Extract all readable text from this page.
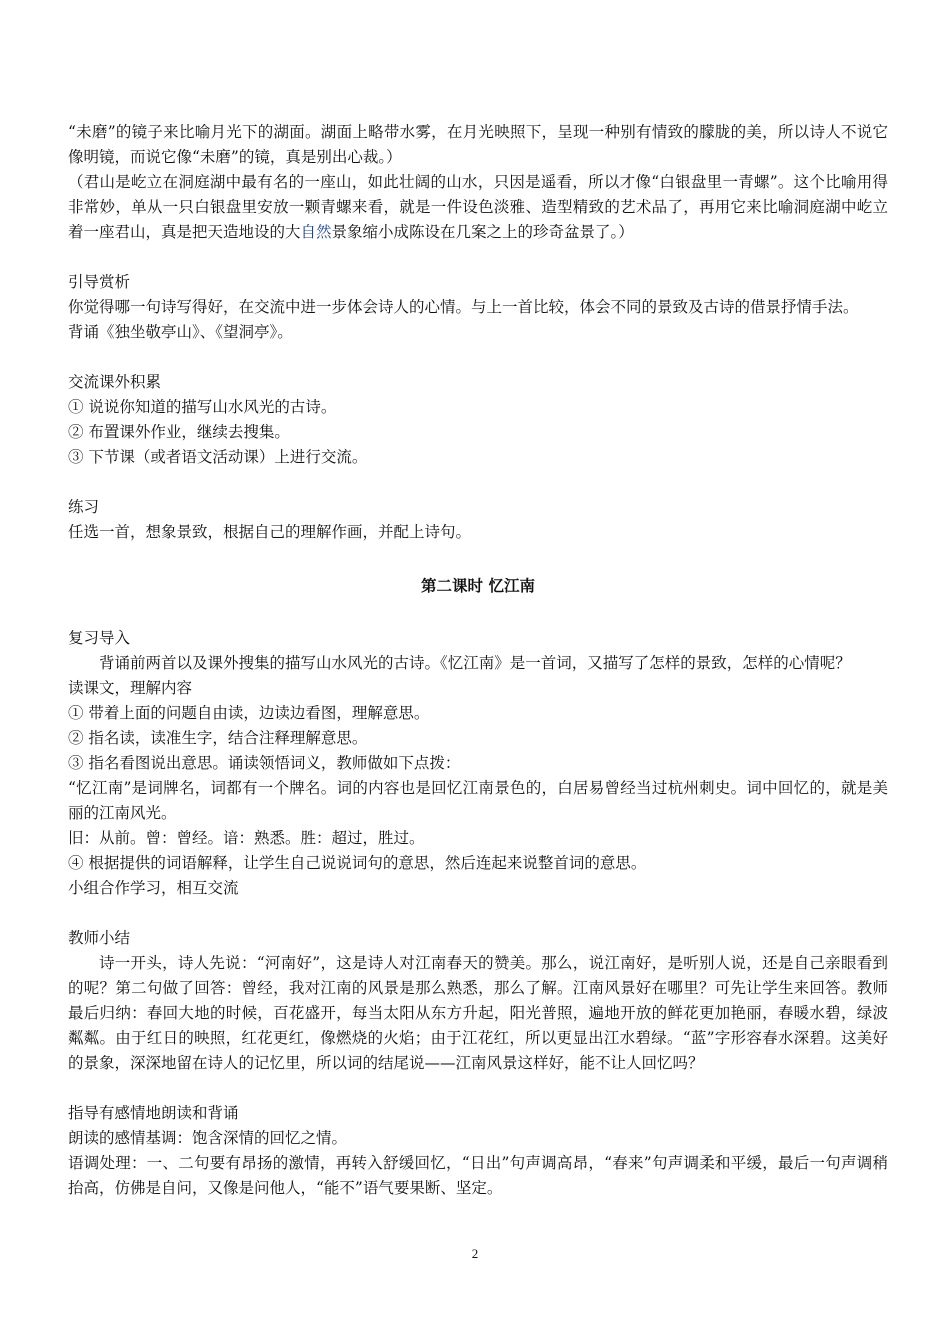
“未磨”的镜子来比喻月光下的湖面。湖面上略带水雾，在月光映照下，呈现一种别有情致的朦胧的美，所以诗人不说它像明镜，而说它像“未磨”的镜，真是别出心裁。）

（君山是屹立在洞庭湖中最有名的一座山，如此壮阔的山水，只因是遥看，所以才像“白银盘里一青螺”。这个比喻用得非常妙，单从一只白银盘里安放一颗青螺来看，就是一件设色淡雅、造型精致的艺术品了，再用它来比喻洞庭湖中屹立着一座君山，真是把天造地设的大自然景象缩小成陈设在几案之上的珍奇盆景了。）

引导赏析

你觉得哪一句诗写得好，在交流中进一步体会诗人的心情。与上一首比较，体会不同的景致及古诗的借景抒情手法。

背诵《独坐敬亭山》、《望洞亭》。

交流课外积累

① 说说你知道的描写山水风光的古诗。

② 布置课外作业，继续去搜集。

③ 下节课（或者语文活动课）上进行交流。

练习

任选一首，想象景致，根据自己的理解作画，并配上诗句。

第二课时 忆江南

复习导入

背诵前两首以及课外搜集的描写山水风光的古诗。《忆江南》是一首词，又描写了怎样的景致，怎样的心情呢？

读课文，理解内容

① 带着上面的问题自由读，边读边看图，理解意思。

② 指名读，读准生字，结合注释理解意思。

③ 指名看图说出意思。诵读领悟词义，教师做如下点拨：

“忆江南”是词牌名，词都有一个牌名。词的内容也是回忆江南景色的，白居易曾经当过杭州刺史。词中回忆的，就是美丽的江南风光。

旧：从前。曾：曾经。谙：熟悉。胜：超过，胜过。

④ 根据提供的词语解释，让学生自己说说词句的意思，然后连起来说整首词的意思。

小组合作学习，相互交流

教师小结

诗一开头，诗人先说：“河南好”，这是诗人对江南春天的赞美。那么，说江南好，是听别人说，还是自己亲眼看到的呢？第二句做了回答：曾经，我对江南的风景是那么熟悉，那么了解。江南风景好在哪里？可先让学生来回答。教师最后归纳：春回大地的时候，百花盛开，每当太阳从东方升起，阳光普照，遍地开放的鲜花更加艳丽，春暖水碧，绿波粼粼。由于红日的映照，红花更红，像燃烧的火焰；由于江花红，所以更显出江水碧绿。“蓝”字形容春水深碧。这美好的景象，深深地留在诗人的记忆里，所以词的结尾说——江南风景这样好，能不让人回忆吗？

指导有感情地朗读和背诵

朗读的感情基调：饱含深情的回忆之情。

语调处理：一、二句要有昂扬的激情，再转入舒缓回忆，“日出”句声调高昂，“春来”句声调柔和平缓，最后一句声调稍抬高，仿佛是自问，又像是问他人，“能不”语气要果断、坚定。

2
